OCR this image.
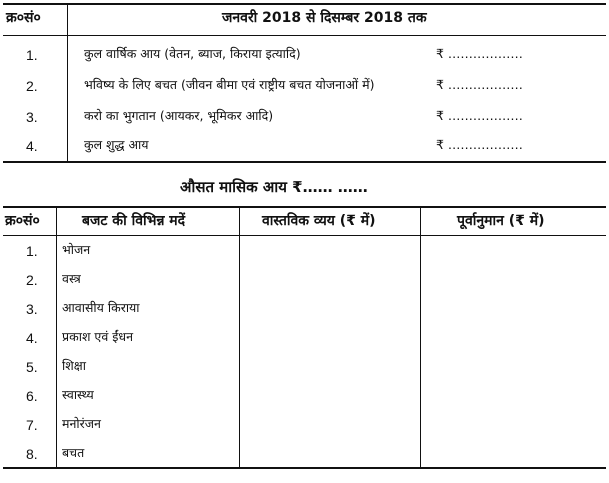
क्र०सं०	जनवरी 2018 से दिसम्बर 2018 तक
1.	कुल वार्षिक आय (वेतन, ब्याज, किराया इत्यादि)	₹ ………………
2.	भविष्य के लिए बचत (जीवन बीमा एवं राष्ट्रीय बचत योजनाओं में)	₹ ………………
3.	करो का भुगतान (आयकर, भूमिकर आदि)	₹ ………………
4.	कुल शुद्ध आय	₹ ………………
औसत मासिक आय ₹…… ……
क्र०सं०	बजट की विभिन्न मदें	वास्तविक व्यय (₹ में)	पूर्वानुमान (₹ में)
1. भोजन
2. वस्त्र
3. आवासीय किराया
4. प्रकाश एवं ईंधन
5. शिक्षा
6. स्वास्थ्य
7. मनोरंजन
8. बचत
